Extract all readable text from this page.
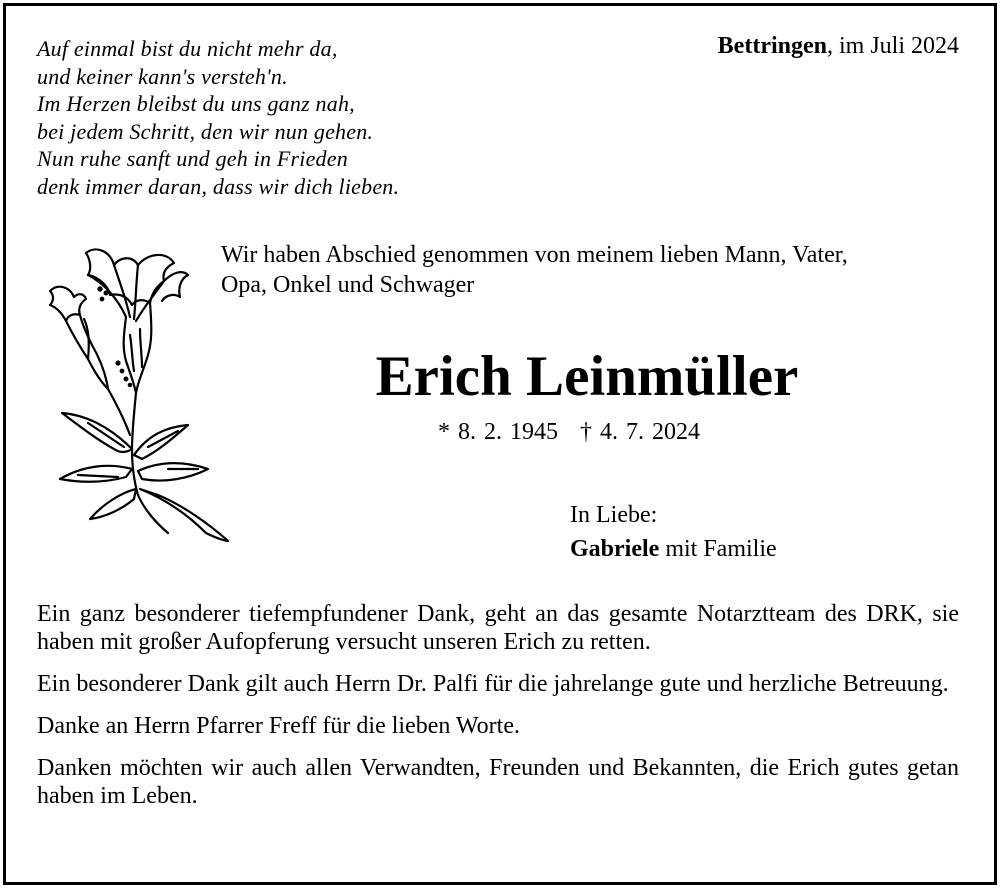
Auf einmal bist du nicht mehr da,
und keiner kann's versteh'n.
Im Herzen bleibst du uns ganz nah,
bei jedem Schritt, den wir nun gehen.
Nun ruhe sanft und geh in Frieden
denk immer daran, dass wir dich lieben.
Bettringen, im Juli 2024
Wir haben Abschied genommen von meinem lieben Mann, Vater,
Opa, Onkel und Schwager
Erich Leinmüller
* 8. 2. 1945 † 4. 7. 2024
In Liebe:
Gabriele mit Familie

Ein ganz besonderer tiefempfundener Dank, geht an das gesamte Notarztteam des DRK, sie haben mit großer Aufopferung versucht unseren Erich zu retten.

Ein besonderer Dank gilt auch Herrn Dr. Palfi für die jahrelange gute und herzliche Betreuung.

Danke an Herrn Pfarrer Freff für die lieben Worte.

Danken möchten wir auch allen Verwandten, Freunden und Bekannten, die Erich gutes getan haben im Leben.
